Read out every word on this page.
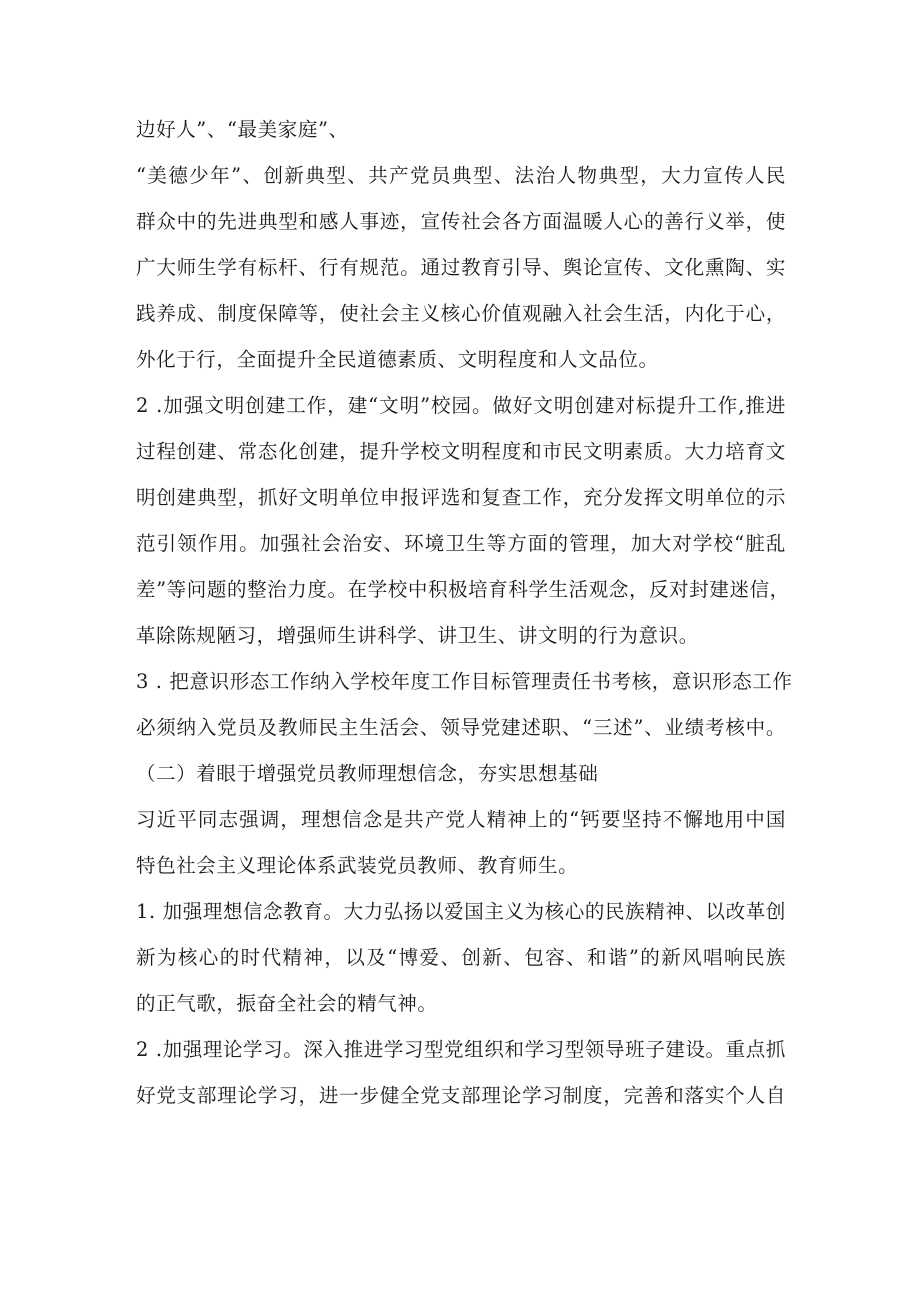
边好人”、“最美家庭”、
“美德少年”、创新典型、共产党员典型、法治人物典型，大力宣传人民
群众中的先进典型和感人事迹，宣传社会各方面温暖人心的善行义举，使
广大师生学有标杆、行有规范。通过教育引导、舆论宣传、文化熏陶、实
践养成、制度保障等，使社会主义核心价值观融入社会生活，内化于心，
外化于行，全面提升全民道德素质、文明程度和人文品位。
2 .加强文明创建工作，建“文明”校园。做好文明创建对标提升工作,推进
过程创建、常态化创建，提升学校文明程度和市民文明素质。大力培育文
明创建典型，抓好文明单位申报评选和复查工作，充分发挥文明单位的示
范引领作用。加强社会治安、环境卫生等方面的管理，加大对学校“脏乱
差”等问题的整治力度。在学校中积极培育科学生活观念，反对封建迷信，
革除陈规陋习，增强师生讲科学、讲卫生、讲文明的行为意识。
3 . 把意识形态工作纳入学校年度工作目标管理责任书考核，意识形态工作
必须纳入党员及教师民主生活会、领导党建述职、“三述”、业绩考核中。
（二）着眼于增强党员教师理想信念，夯实思想基础
习近平同志强调，理想信念是共产党人精神上的“钙要坚持不懈地用中国
特色社会主义理论体系武装党员教师、教育师生。
1. 加强理想信念教育。大力弘扬以爱国主义为核心的民族精神、以改革创
新为核心的时代精神，以及“博爱、创新、包容、和谐”的新风唱响民族
的正气歌，振奋全社会的精气神。
2 .加强理论学习。深入推进学习型党组织和学习型领导班子建设。重点抓
好党支部理论学习，进一步健全党支部理论学习制度，完善和落实个人自
